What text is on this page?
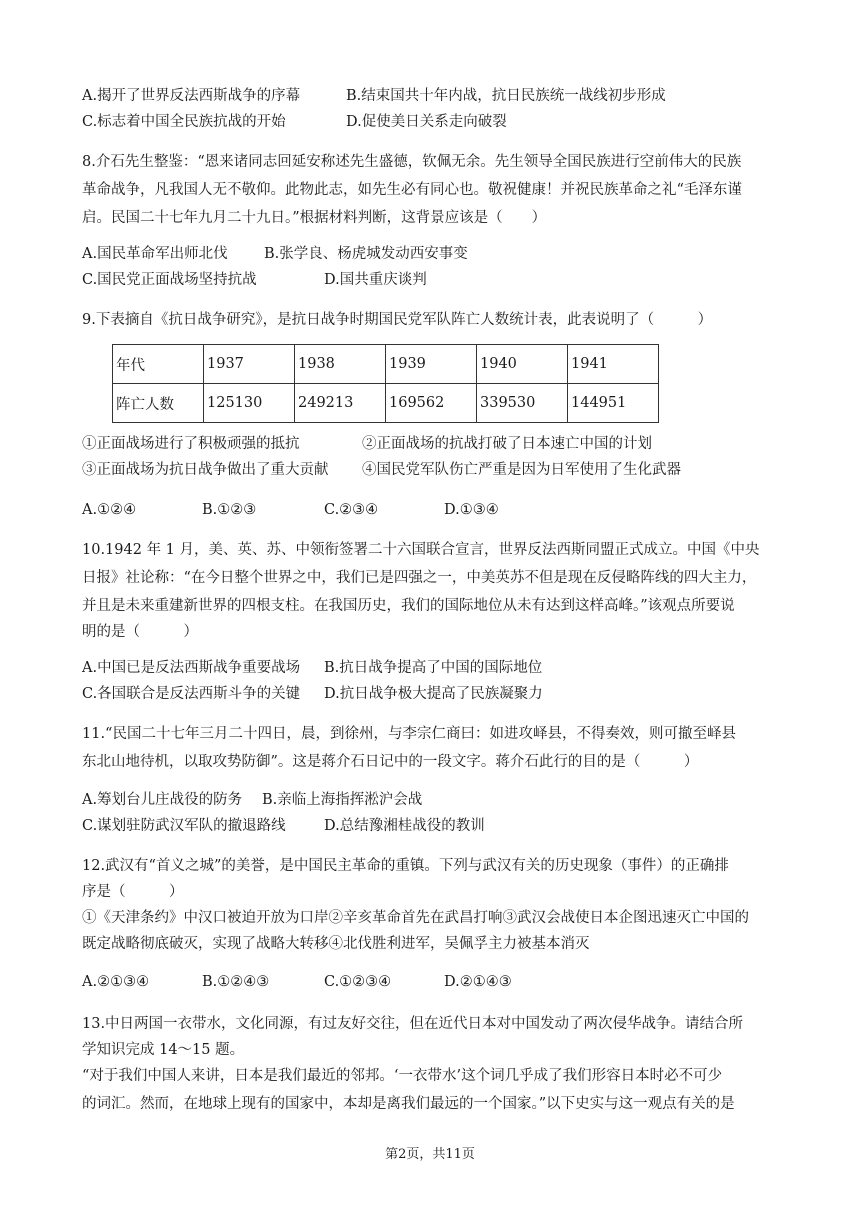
A.揭开了世界反法西斯战争的序幕	B.结束国共十年内战，抗日民族统一战线初步形成
C.标志着中国全民族抗战的开始	D.促使美日关系走向破裂
8.介石先生整鉴：“恩来诸同志回延安称述先生盛德，钦佩无余。先生领导全国民族进行空前伟大的民族
革命战争，凡我国人无不敬仰。此物此志，如先生必有同心也。敬祝健康！并祝民族革命之礼“毛泽东谨
启。民国二十七年九月二十九日。”根据材料判断，这背景应该是（　　）
A.国民革命军出师北伐	B.张学良、杨虎城发动西安事变
C.国民党正面战场坚持抗战	D.国共重庆谈判
9.下表摘自《抗日战争研究》，是抗日战争时期国民党军队阵亡人数统计表，此表说明了（　　　）
年代	1937	1938	1939	1940	1941
阵亡人数	125130	249213	169562	339530	144951
①正面战场进行了积极顽强的抵抗	②正面战场的抗战打破了日本速亡中国的计划
③正面战场为抗日战争做出了重大贡献 ④国民党军队伤亡严重是因为日军使用了生化武器
A.①②④	B.①②③	C.②③④	D.①③④
10.1942 年 1 月，美、英、苏、中领衔签署二十六国联合宣言，世界反法西斯同盟正式成立。中国《中央
日报》社论称：“在今日整个世界之中，我们已是四强之一，中美英苏不但是现在反侵略阵线的四大主力，
并且是未来重建新世界的四根支柱。在我国历史，我们的国际地位从未有达到这样高峰。”该观点所要说
明的是（　　　）
A.中国已是反法西斯战争重要战场 B.抗日战争提高了中国的国际地位
C.各国联合是反法西斯斗争的关键 D.抗日战争极大提高了民族凝聚力
11.“民国二十七年三月二十四日，晨，到徐州，与李宗仁商曰：如进攻峄县，不得奏效，则可撤至峄县
东北山地待机，以取攻势防御”。这是蒋介石日记中的一段文字。蒋介石此行的目的是（　　　）
A.筹划台儿庄战役的防务 B.亲临上海指挥淞沪会战
C.谋划驻防武汉军队的撤退路线	D.总结豫湘桂战役的教训
12.武汉有“首义之城”的美誉，是中国民主革命的重镇。下列与武汉有关的历史现象（事件）的正确排
序是（　　　）
①《天津条约》中汉口被迫开放为口岸②辛亥革命首先在武昌打响③武汉会战使日本企图迅速灭亡中国的
既定战略彻底破灭，实现了战略大转移④北伐胜利进军，吴佩孚主力被基本消灭
A.②①③④	B.①②④③	C.①②③④	D.②①④③
13.中日两国一衣带水，文化同源，有过友好交往，但在近代日本对中国发动了两次侵华战争。请结合所
学知识完成 14～15 题。
“对于我们中国人来讲，日本是我们最近的邻邦。‘一衣带水’这个词几乎成了我们形容日本时必不可少
的词汇。然而，在地球上现有的国家中，本却是离我们最远的一个国家。”以下史实与这一观点有关的是
第2页，共11页
